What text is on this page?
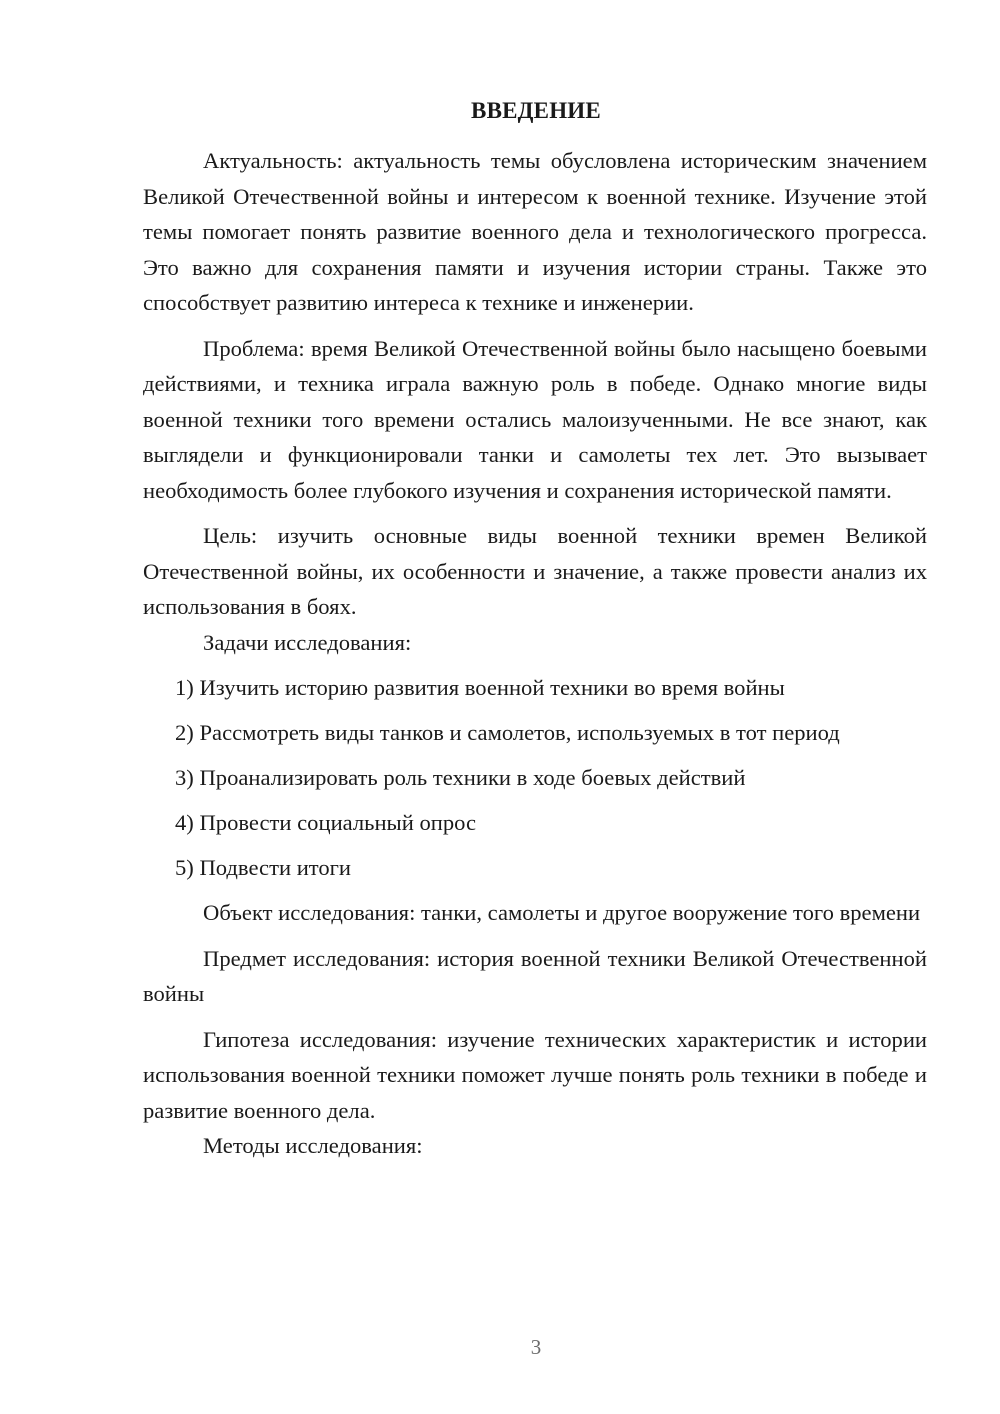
ВВЕДЕНИЕ

Актуальность: актуальность темы обусловлена историческим значением Великой Отечественной войны и интересом к военной технике. Изучение этой темы помогает понять развитие военного дела и технологического прогресса. Это важно для сохранения памяти и изучения истории страны. Также это способствует развитию интереса к технике и инженерии.

Проблема: время Великой Отечественной войны было насыщено боевыми действиями, и техника играла важную роль в победе. Однако многие виды военной техники того времени остались малоизученными. Не все знают, как выглядели и функционировали танки и самолеты тех лет. Это вызывает необходимость более глубокого изучения и сохранения исторической памяти.

Цель: изучить основные виды военной техники времен Великой Отечественной войны, их особенности и значение, а также провести анализ их использования в боях.

Задачи исследования:

1) Изучить историю развития военной техники во время войны

2) Рассмотреть виды танков и самолетов, используемых в тот период

3) Проанализировать роль техники в ходе боевых действий

4) Провести социальный опрос

5) Подвести итоги

Объект исследования: танки, самолеты и другое вооружение того времени

Предмет исследования: история военной техники Великой Отечественной войны

Гипотеза исследования: изучение технических характеристик и истории использования военной техники поможет лучше понять роль техники в победе и развитие военного дела.

Методы исследования:

3
